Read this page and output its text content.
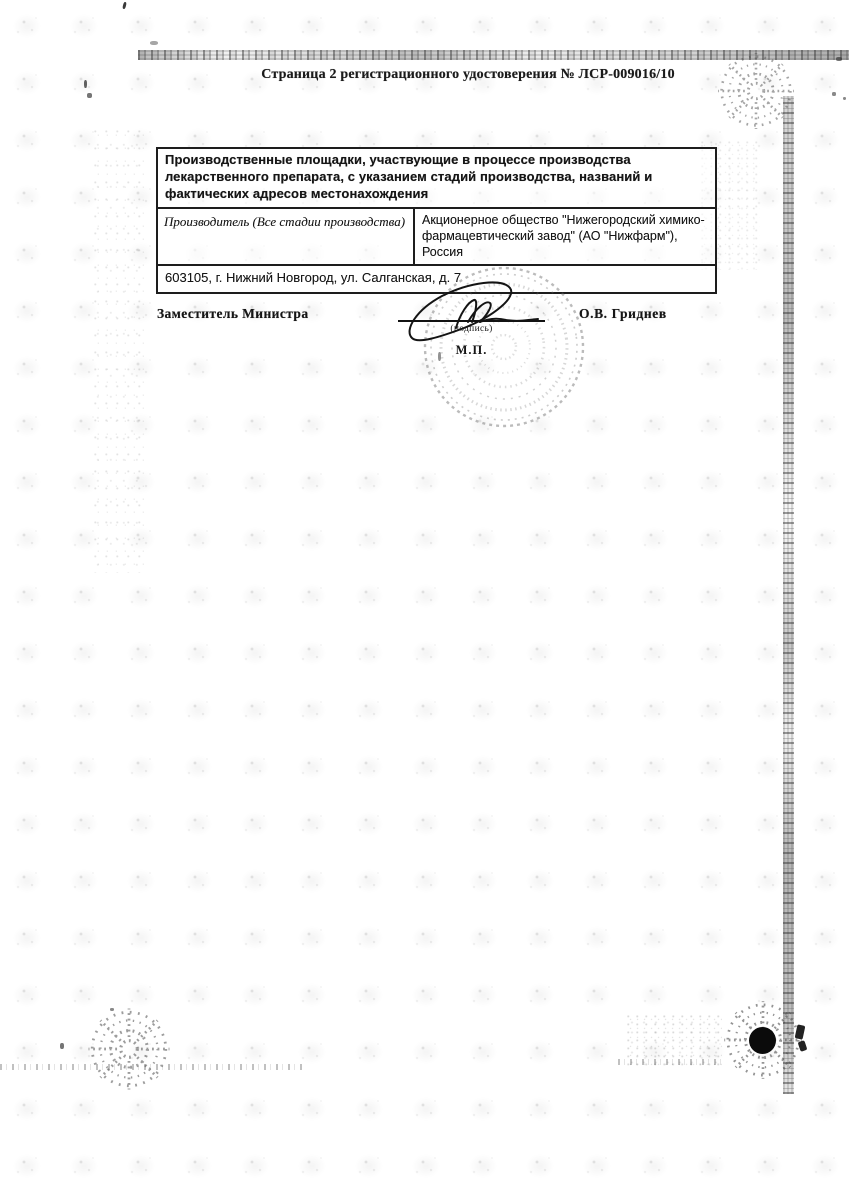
Страница 2 регистрационного удостоверения № ЛСР-009016/10
Производственные площадки, участвующие в процессе производства лекарственного препарата, с указанием стадий производства, названий и фактических адресов местонахождения
Производитель (Все стадии производства)	Акционерное общество "Нижегородский химико-фармацевтический завод" (АО "Нижфарм"), Россия
603105, г. Нижний Новгород, ул. Салганская, д. 7
Заместитель Министра	О.В. Гриднев
(подпись)
М.П.
